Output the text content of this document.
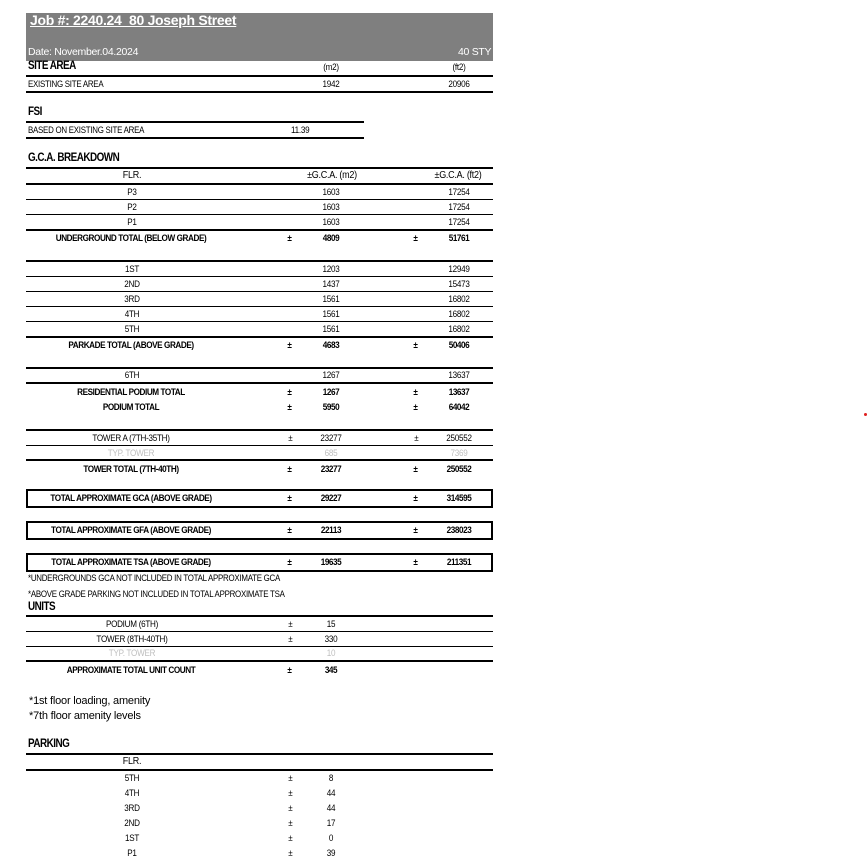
Job #: 2240.24_80 Joseph Street
Date: November.04.2024	40 STY
SITE AREA	(m2)	(ft2)
EXISTING SITE AREA	1942	20906
FSI
BASED ON EXISTING SITE AREA	11.39
G.C.A. BREAKDOWN
FLR.	±G.C.A. (m2)	±G.C.A. (ft2)
P3	1603	17254
P2	1603	17254
P1	1603	17254
UNDERGROUND TOTAL (BELOW GRADE)	±	4809	±	51761
1ST	1203	12949
2ND	1437	15473
3RD	1561	16802
4TH	1561	16802
5TH	1561	16802
PARKADE TOTAL (ABOVE GRADE)	±	4683	±	50406
6TH	1267	13637
RESIDENTIAL PODIUM TOTAL	±	1267	±	13637
PODIUM TOTAL	±	5950	±	64042
TOWER A (7TH-35TH)	±	23277	±	250552
TYP. TOWER	685	7369
TOWER TOTAL (7TH-40TH)	±	23277	±	250552
TOTAL APPROXIMATE GCA (ABOVE GRADE)	±	29227	±	314595
TOTAL APPROXIMATE GFA (ABOVE GRADE)	±	22113	±	238023
TOTAL APPROXIMATE TSA (ABOVE GRADE)	±	19635	±	211351
*UNDERGROUNDS GCA NOT INCLUDED IN TOTAL APPROXIMATE GCA
*ABOVE GRADE PARKING NOT INCLUDED IN TOTAL APPROXIMATE TSA
UNITS
PODIUM (6TH)	±	15
TOWER (8TH-40TH)	±	330
TYP. TOWER	10
APPROXIMATE TOTAL UNIT COUNT	±	345
*1st floor loading, amenity
*7th floor amenity levels
PARKING
FLR.
5TH	±	8
4TH	±	44
3RD	±	44
2ND	±	17
1ST	±	0
P1	±	39
